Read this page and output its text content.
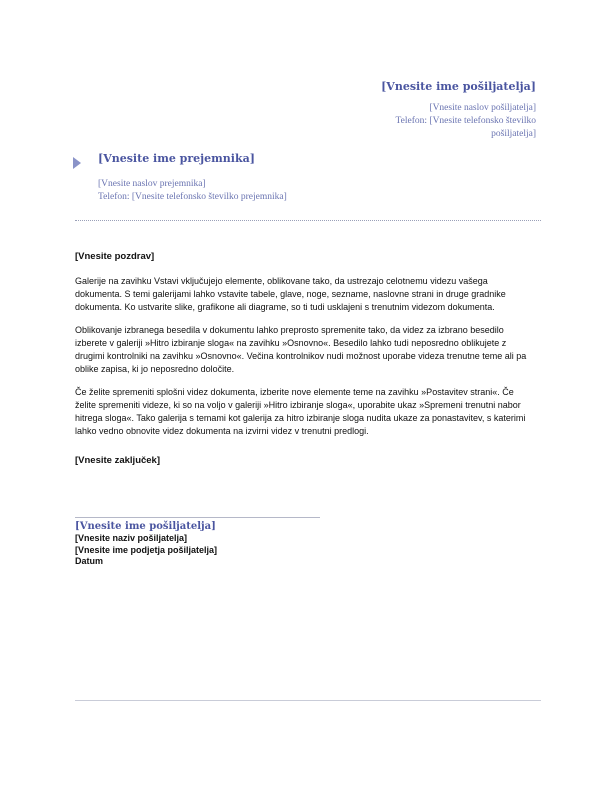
[Vnesite ime pošiljatelja]
[Vnesite naslov pošiljatelja]
Telefon: [Vnesite telefonsko številko
pošiljatelja]
[Vnesite ime prejemnika]
[Vnesite naslov prejemnika]
Telefon: [Vnesite telefonsko številko prejemnika]
[Vnesite pozdrav]

Galerije na zavihku Vstavi vključujejo elemente, oblikovane tako, da ustrezajo celotnemu videzu vašega dokumenta. S temi galerijami lahko vstavite tabele, glave, noge, sezname, naslovne strani in druge gradnike dokumenta. Ko ustvarite slike, grafikone ali diagrame, so ti tudi usklajeni s trenutnim videzom dokumenta.

Oblikovanje izbranega besedila v dokumentu lahko preprosto spremenite tako, da videz za izbrano besedilo izberete v galeriji »Hitro izbiranje sloga« na zavihku »Osnovno«. Besedilo lahko tudi neposredno oblikujete z drugimi kontrolniki na zavihku »Osnovno«. Večina kontrolnikov nudi možnost uporabe videza trenutne teme ali pa oblike zapisa, ki jo neposredno določite.

Če želite spremeniti splošni videz dokumenta, izberite nove elemente teme na zavihku »Postavitev strani«. Če želite spremeniti videze, ki so na voljo v galeriji »Hitro izbiranje sloga«, uporabite ukaz »Spremeni trenutni nabor hitrega sloga«. Tako galerija s temami kot galerija za hitro izbiranje sloga nudita ukaze za ponastavitev, s katerimi lahko vedno obnovite videz dokumenta na izvirni videz v trenutni predlogi.

[Vnesite zaključek]
[Vnesite ime pošiljatelja]
[Vnesite naziv pošiljatelja]
[Vnesite ime podjetja pošiljatelja]
Datum
